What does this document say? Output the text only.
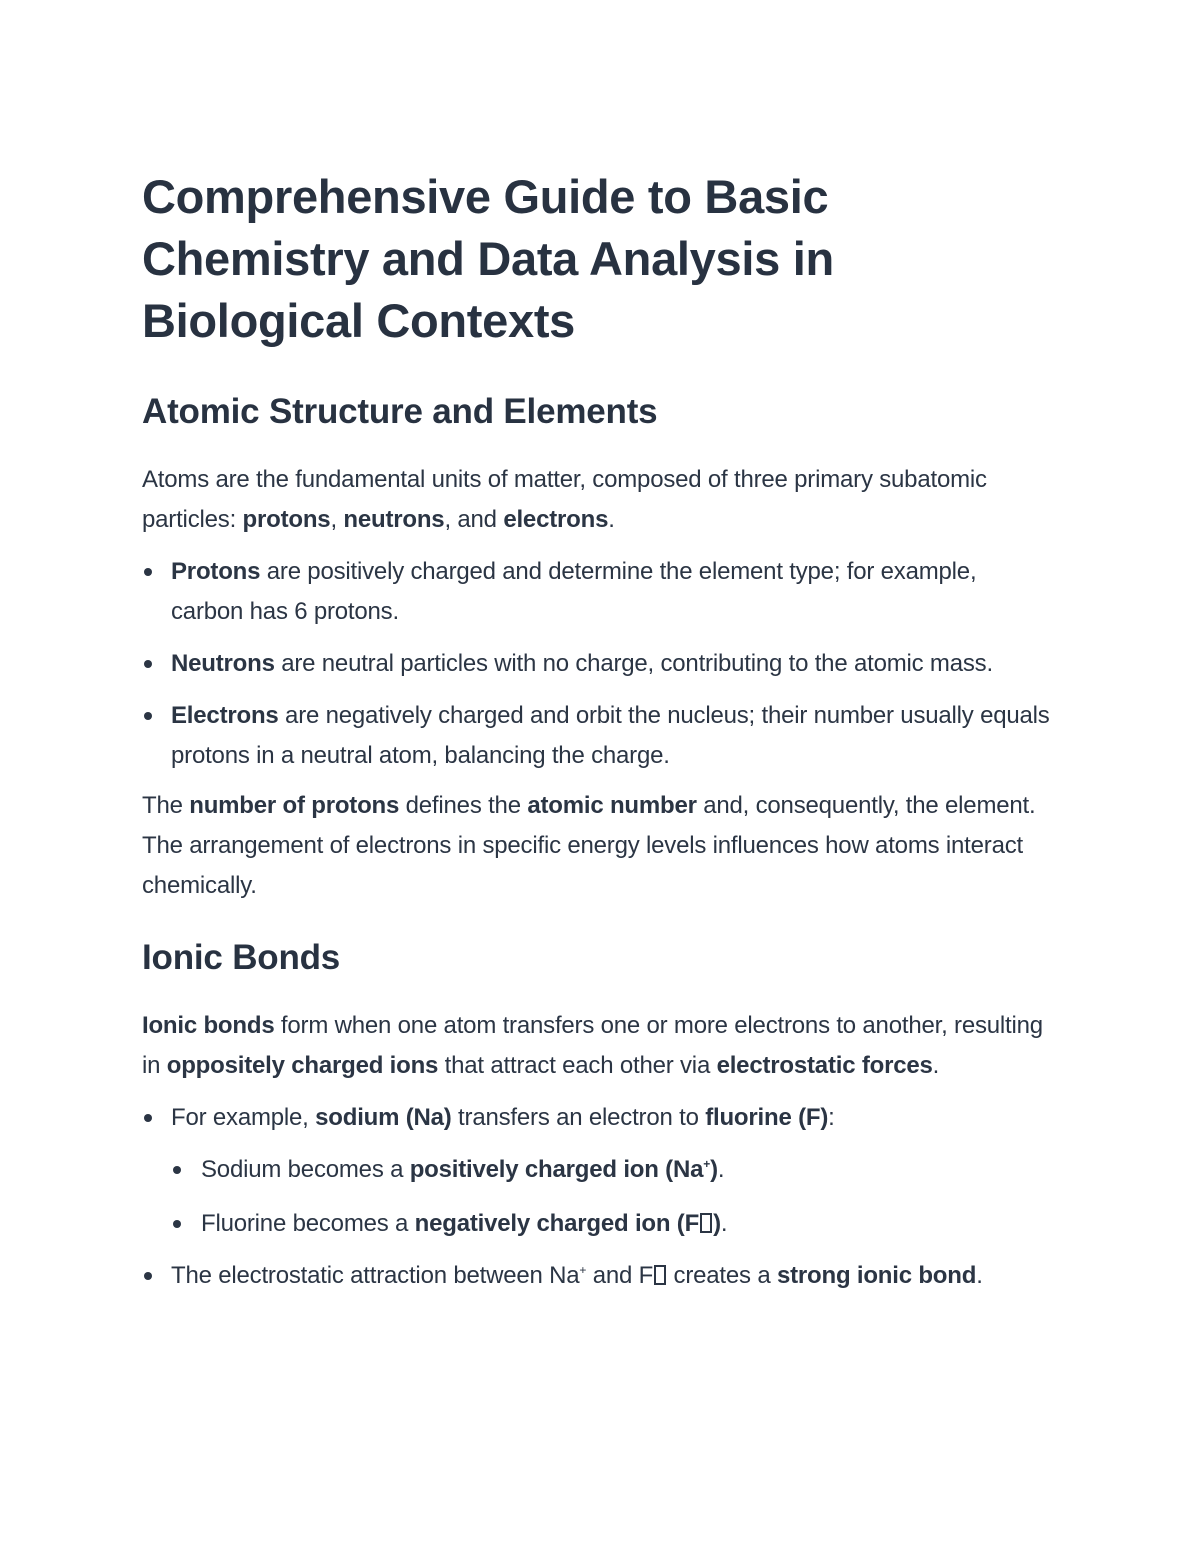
Comprehensive Guide to Basic Chemistry and Data Analysis in Biological Contexts
Atomic Structure and Elements

Atoms are the fundamental units of matter, composed of three primary subatomic particles: protons, neutrons, and electrons.

Protons are positively charged and determine the element type; for example, carbon has 6 protons.
Neutrons are neutral particles with no charge, contributing to the atomic mass.
Electrons are negatively charged and orbit the nucleus; their number usually equals protons in a neutral atom, balancing the charge.

The number of protons defines the atomic number and, consequently, the element. The arrangement of electrons in specific energy levels influences how atoms interact chemically.

Ionic Bonds

Ionic bonds form when one atom transfers one or more electrons to another, resulting in oppositely charged ions that attract each other via electrostatic forces.

For example, sodium (Na) transfers an electron to fluorine (F):
Sodium becomes a positively charged ion (Na+).
Fluorine becomes a negatively charged ion (F ).
The electrostatic attraction between Na+ and F creates a strong ionic bond.
